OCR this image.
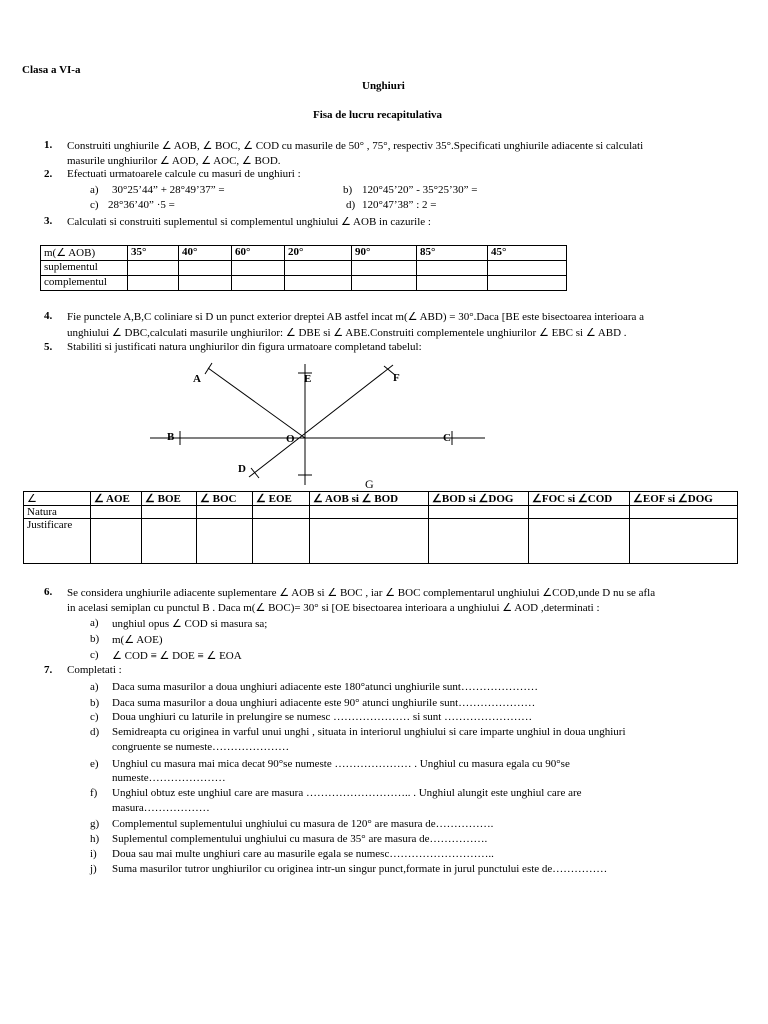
Clasa a VI-a
Unghiuri
Fisa de lucru recapitulativa
1. Construiti unghiurile ∠ AOB, ∠ BOC, ∠ COD cu masurile de 50° , 75°, respectiv 35°.Specificati unghiurile adiacente si calculati
masurile unghiurilor ∠ AOD, ∠ AOC, ∠ BOD.
2. Efectuati urmatoarele calcule cu masuri de unghiuri :
a) 30°25’44” + 28°49’37” =	b) 120°45’20” - 35°25’30” =
c) 28°36’40” ·5 =	d) 120°47’38” : 2 =
3. Calculati si construiti suplementul si complementul unghiului ∠ AOB in cazurile :
m(∠ AOB)	35°	40°	60°	20°	90°	85°	45°
suplementul							
complementul							
4. Fie punctele A,B,C coliniare si D un punct exterior dreptei AB astfel incat m(∠ ABD) = 30°.Daca [BE este bisectoarea interioara a
unghiului ∠ DBC,calculati masurile unghiurilor: ∠ DBE si ∠ ABE.Construiti complementele unghiurilor ∠ EBC si ∠ ABD .
5. Stabiliti si justificati natura unghiurilor din figura urmatoare completand tabelul:
A	E	F
B	O	C
D
G
∠	∠ AOE	∠ BOE	∠ BOC	∠ EOE	∠ AOB si ∠ BOD	∠BOD si ∠DOG	∠FOC si ∠COD	∠EOF si ∠DOG
Natura								
Justificare								
6. Se considera unghiurile adiacente suplementare ∠ AOB si ∠ BOC , iar ∠ BOC complementarul unghiului ∠COD,unde D nu se afla
in acelasi semiplan cu punctul B . Daca m(∠ BOC)= 30° si [OE bisectoarea interioara a unghiului ∠ AOD ,determinati :
a) unghiul opus ∠ COD si masura sa;
b) m(∠ AOE)
c) ∠ COD ≡ ∠ DOE ≡ ∠ EOA
7. Completati :
a) Daca suma masurilor a doua unghiuri adiacente este 180°atunci unghiurile sunt…………………
b) Daca suma masurilor a doua unghiuri adiacente este 90° atunci unghiurile sunt…………………
c) Doua unghiuri cu laturile in prelungire se numesc ………………… si sunt ……………………
d) Semidreapta cu originea in varful unui unghi , situata in interiorul unghiului si care imparte unghiul in doua unghiuri
congruente se numeste…………………
e) Unghiul cu masura mai mica decat 90°se numeste ………………… . Unghiul cu masura egala cu 90°se
numeste…………………
f) Unghiul obtuz este unghiul care are masura ……………………….. . Unghiul alungit este unghiul care are
masura………………
g) Complementul suplementului unghiului cu masura de 120° are masura de…………….
h) Suplementul complementului unghiului cu masura de 35° are masura de…………….
i) Doua sau mai multe unghiuri care au masurile egala se numesc………………………..
j) Suma masurilor tutror unghiurilor cu originea intr-un singur punct,formate in jurul punctului este de……………
